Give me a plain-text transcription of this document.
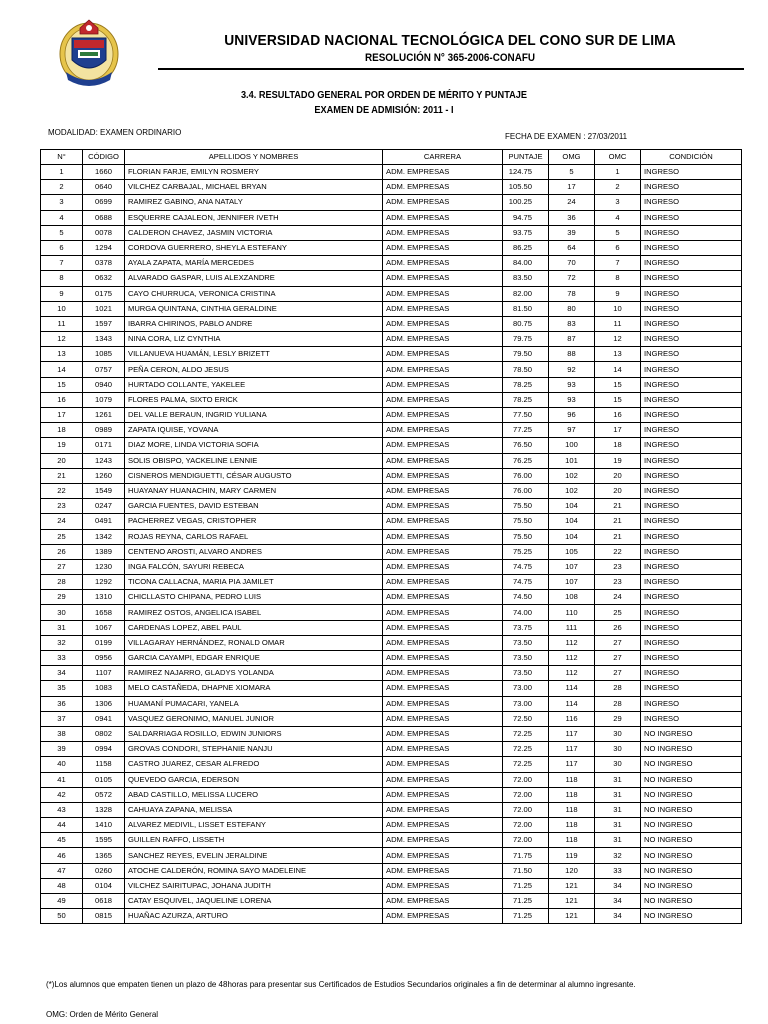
UNIVERSIDAD NACIONAL TECNOLÓGICA DEL CONO SUR DE LIMA
RESOLUCIÓN N° 365-2006-CONAFU
3.4. RESULTADO GENERAL POR ORDEN DE MÉRITO Y PUNTAJE
EXAMEN DE ADMISIÓN: 2011 - I
MODALIDAD: EXAMEN ORDINARIO	FECHA DE EXAMEN : 27/03/2011
N°	CÓDIGO	APELLIDOS Y NOMBRES	CARRERA	PUNTAJE	OMG	OMC	CONDICIÓN
1	1660	FLORIAN FARJE, EMILYN ROSMERY	ADM. EMPRESAS	124.75	5	1	INGRESO
2	0640	VILCHEZ CARBAJAL, MICHAEL BRYAN	ADM. EMPRESAS	105.50	17	2	INGRESO
3	0699	RAMIREZ GABINO, ANA NATALY	ADM. EMPRESAS	100.25	24	3	INGRESO
4	0688	ESQUERRE CAJALEON, JENNIFER IVETH	ADM. EMPRESAS	94.75	36	4	INGRESO
5	0078	CALDERON CHAVEZ, JASMIN VICTORIA	ADM. EMPRESAS	93.75	39	5	INGRESO
6	1294	CORDOVA GUERRERO, SHEYLA ESTEFANY	ADM. EMPRESAS	86.25	64	6	INGRESO
7	0378	AYALA ZAPATA, MARÍA MERCEDES	ADM. EMPRESAS	84.00	70	7	INGRESO
8	0632	ALVARADO GASPAR, LUIS ALEXZANDRE	ADM. EMPRESAS	83.50	72	8	INGRESO
9	0175	CAYO CHURRUCA, VERONICA CRISTINA	ADM. EMPRESAS	82.00	78	9	INGRESO
10	1021	MURGA QUINTANA, CINTHIA GERALDINE	ADM. EMPRESAS	81.50	80	10	INGRESO
11	1597	IBARRA CHIRINOS, PABLO ANDRE	ADM. EMPRESAS	80.75	83	11	INGRESO
12	1343	NINA CORA, LIZ CYNTHIA	ADM. EMPRESAS	79.75	87	12	INGRESO
13	1085	VILLANUEVA HUAMÁN, LESLY BRIZETT	ADM. EMPRESAS	79.50	88	13	INGRESO
14	0757	PEÑA CERON, ALDO JESUS	ADM. EMPRESAS	78.50	92	14	INGRESO
15	0940	HURTADO COLLANTE, YAKELEE	ADM. EMPRESAS	78.25	93	15	INGRESO
16	1079	FLORES PALMA, SIXTO ERICK	ADM. EMPRESAS	78.25	93	15	INGRESO
17	1261	DEL VALLE BERAUN, INGRID YULIANA	ADM. EMPRESAS	77.50	96	16	INGRESO
18	0989	ZAPATA IQUISE, YOVANA	ADM. EMPRESAS	77.25	97	17	INGRESO
19	0171	DIAZ MORE, LINDA VICTORIA SOFIA	ADM. EMPRESAS	76.50	100	18	INGRESO
20	1243	SOLIS OBISPO, YACKELINE LENNIE	ADM. EMPRESAS	76.25	101	19	INGRESO
21	1260	CISNEROS MENDIGUETTI, CÉSAR AUGUSTO	ADM. EMPRESAS	76.00	102	20	INGRESO
22	1549	HUAYANAY HUANACHIN, MARY CARMEN	ADM. EMPRESAS	76.00	102	20	INGRESO
23	0247	GARCIA FUENTES, DAVID ESTEBAN	ADM. EMPRESAS	75.50	104	21	INGRESO
24	0491	PACHERREZ VEGAS, CRISTOPHER	ADM. EMPRESAS	75.50	104	21	INGRESO
25	1342	ROJAS REYNA, CARLOS RAFAEL	ADM. EMPRESAS	75.50	104	21	INGRESO
26	1389	CENTENO AROSTI, ALVARO ANDRES	ADM. EMPRESAS	75.25	105	22	INGRESO
27	1230	INGA FALCÓN, SAYURI REBECA	ADM. EMPRESAS	74.75	107	23	INGRESO
28	1292	TICONA CALLACNA, MARIA PIA JAMILET	ADM. EMPRESAS	74.75	107	23	INGRESO
29	1310	CHICLLASTO CHIPANA, PEDRO LUIS	ADM. EMPRESAS	74.50	108	24	INGRESO
30	1658	RAMIREZ OSTOS, ANGELICA ISABEL	ADM. EMPRESAS	74.00	110	25	INGRESO
31	1067	CARDENAS LOPEZ, ABEL PAUL	ADM. EMPRESAS	73.75	111	26	INGRESO
32	0199	VILLAGARAY HERNÁNDEZ, RONALD OMAR	ADM. EMPRESAS	73.50	112	27	INGRESO
33	0956	GARCIA CAYAMPI, EDGAR ENRIQUE	ADM. EMPRESAS	73.50	112	27	INGRESO
34	1107	RAMIREZ NAJARRO, GLADYS YOLANDA	ADM. EMPRESAS	73.50	112	27	INGRESO
35	1083	MELO CASTAÑEDA, DHAPNE XIOMARA	ADM. EMPRESAS	73.00	114	28	INGRESO
36	1306	HUAMANÍ PUMACARI, YANELA	ADM. EMPRESAS	73.00	114	28	INGRESO
37	0941	VASQUEZ GERONIMO, MANUEL JUNIOR	ADM. EMPRESAS	72.50	116	29	INGRESO
38	0802	SALDARRIAGA ROSILLO, EDWIN JUNIORS	ADM. EMPRESAS	72.25	117	30	NO INGRESO
39	0994	GROVAS CONDORI, STEPHANIE NANJU	ADM. EMPRESAS	72.25	117	30	NO INGRESO
40	1158	CASTRO JUAREZ, CESAR ALFREDO	ADM. EMPRESAS	72.25	117	30	NO INGRESO
41	0105	QUEVEDO GARCIA, EDERSON	ADM. EMPRESAS	72.00	118	31	NO INGRESO
42	0572	ABAD CASTILLO, MELISSA LUCERO	ADM. EMPRESAS	72.00	118	31	NO INGRESO
43	1328	CAHUAYA ZAPANA, MELISSA	ADM. EMPRESAS	72.00	118	31	NO INGRESO
44	1410	ALVAREZ MEDIVIL, LISSET ESTEFANY	ADM. EMPRESAS	72.00	118	31	NO INGRESO
45	1595	GUILLEN RAFFO, LISSETH	ADM. EMPRESAS	72.00	118	31	NO INGRESO
46	1365	SANCHEZ REYES, EVELIN JERALDINE	ADM. EMPRESAS	71.75	119	32	NO INGRESO
47	0260	ATOCHE CALDERÓN, ROMINA SAYO MADELEINE	ADM. EMPRESAS	71.50	120	33	NO INGRESO
48	0104	VILCHEZ SAIRITUPAC, JOHANA JUDITH	ADM. EMPRESAS	71.25	121	34	NO INGRESO
49	0618	CATAY ESQUIVEL, JAQUELINE LORENA	ADM. EMPRESAS	71.25	121	34	NO INGRESO
50	0815	HUAÑAC AZURZA, ARTURO	ADM. EMPRESAS	71.25	121	34	NO INGRESO
(*)Los alumnos que empaten tienen un plazo de 48horas para presentar sus Certificados de Estudios Secundarios originales a fin de determinar al alumno ingresante.
OMG: Orden de Mérito General
